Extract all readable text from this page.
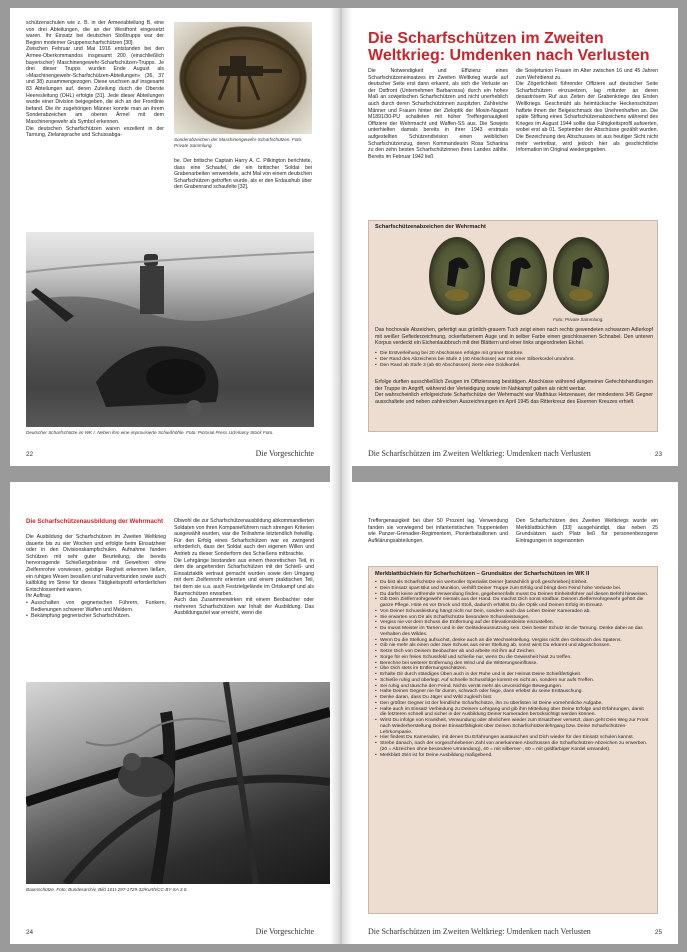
schützenschulen wie z. B. in der Armeeabteilung B, eine von drei Abteilungen, die an der Westfront eingesetzt waren. Ihr Einsatz bei deutschen Stoßtrupps war der Beginn moderner Gruppenscharfschützen [30].
Zwischen Februar und Mai 1916 entstanden bei den Armee-Oberkommandos insgesamt 200 (einschließlich bayerischer) Maschinengewehr-Scharfschützen-Trupps. Je drei dieser Trupps wurden Ende August als »Maschinengewehr-Scharfschützen-Abteilungen« (36, 37 und 38) zusammengezogen. Diese wuchsen auf insgesamt 83 Abteilungen auf, deren Zuteilung durch die Oberste Heeresleitung (OHL) erfolgte [31]. Jede dieser Abteilungen wurde einer Division beigegeben, die sich an der Frontlinie befand. Die ihr zugehörigen Männer konnte man an ihrem Sonderabzeichen am oberen Ärmel mit dem Maschinengewehr als Symbol erkennen.
Die deutschen Scharfschützen waren exzellent in der Tarnung, Zielansprache und Schussabga-

Sonderabzeichen der Maschinengewehr-Scharfschützen. Foto: Private Sammlung.

be. Der britische Captain Harry A. C. Pilkington berichtete, dass eine Schaufel, die ein britischer Soldat bei Grabenarbeiten verwendete, acht Mal von einem deutschen Scharfschützen getroffen wurde, als er den Erdaushub über den Grabenrand schaufelte [32].

Deutscher Scharfschütze im WK I. Neben ihm eine improvisierte Schießhöhle. Foto: Pictorial Press Ltd/Alamy Stock Foto.
22	Die Vorgeschichte
Die Scharfschützen im Zweiten Weltkrieg: Umdenken nach Verlusten

Die Notwendigkeit und Effizienz eines Scharfschützeneinsatzes im Zweiten Weltkrieg wurde auf deutscher Seite erst dann erkannt, als sich die Verluste an der Ostfront (Unternehmen Barbarossa) durch ein hohes Maß an sowjetischen Scharfschützen und nicht unerheblich auch durch deren Scharfschützinnen zuspitzten. Zahlreiche Männer und Frauen hinter der Zieloptik der Mosin-Nagant M1891/30-PU schalteten mit hoher Treffergenauigkeit Offiziere der Wehrmacht und Waffen-SS aus. Die Sowjets unterhielten damals bereits in ihrer 1943 erstmals aufgestellten Schützendivision einen weiblichen Scharfschützenzug, deren Kommandeurin Rosa Schanina zu den zehn besten Scharfschützinnen ihres Landes zählte. Bereits im Februar 1942 ließ

die Sowjetunion Frauen im Alter zwischen 16 und 45 Jahren zum Wehrdienst zu.
Die Zögerlichkeit führender Offiziere auf deutscher Seite Scharfschützen einzusetzen, lag mitunter an deren desaströsem Ruf aus Zeiten der Grabenkriege des Ersten Weltkriegs. Geschmäht als heimtückische Heckenschützen haftete ihnen der Beigeschmack des Unehrenhaften an. Die späte Stiftung eines Scharfschützenabzeichens während des Krieges im August 1944 sollte das Fähigkeitsprofil aufwerten, wobei erst ab 01. September der Abschüsse gezählt wurden. Die Bezeichnung des Abschusses ist aus heutiger Sicht nicht mehr vertretbar, wird jedoch hier als geschichtliche Information im Original wiedergegeben.

Scharfschützenabzeichen der Wehrmacht
Foto: Private Sammlung.
Das hochovale Abzeichen, gefertigt aus grünlich-grauem Tuch zeigt einen nach rechts gewendeten schwarzen Adlerkopf mit weißer Gefiederzeichnung, ockerfarbenem Auge und in selber Farbe einen geschlossenen Schnabel. Den unteren Korpus verdeckt ein Eichenlaubbruch mit drei Blättern und einer links angeordneten Eichel.
• Die Erstverleihung bei 20 Abschüssen erfolgte mit grüner Bordüre.
• Der Rand des Abzeichens bei Stufe 2 (40 Abschüsse) war mit einer Silberkordel umrahmt.
• Den Rand ab Stufe 3 (ab 60 Abschüssen) zierte eine Goldkordel.
Erfolge durften ausschließlich Zeugen im Offiziersrang bestätigen. Abschüsse während allgemeiner Gefechtshandlungen der Truppe im Angriff, während der Verteidigung sowie im Nahkampf galten als nicht werbar.
Der wahrscheinlich erfolgreichste Scharfschütze der Wehrmacht war Matthäus Hetzenauer, der mindestens 345 Gegner ausschaltete und neben zahlreichen Auszeichnungen im April 1945 das Ritterkreuz des Eisernen Kreuzes erhielt.
Die Scharfschützen im Zweiten Weltkrieg: Umdenken nach Verlusten	23
Die Scharfschützenausbildung der Wehrmacht

Die Ausbildung der Scharfschützen im Zweiten Weltkrieg dauerte bis zu vier Wochen und erfolgte beim Einsatzheer oder in den Divisionskampfschulen. Aufnahme fanden Schützen mit sehr guter Beurteilung, die bereits hervorragende Schießergebnisse mit Gewehren ohne Zielfernrohre vorwiesen, geistige Regheit erkennen ließen, ein ruhiges Wesen besaßen und naturverbunden sowie auch kaltblütig im Sinne für dieses Tätigkeitsprofil erforderlichen Entschlossenheit waren.
Ihr Auftrag:

• Ausschalten von gegnerischen Führern, Funkern, Bedienungen schwerer Waffen und Meldern.
• Bekämpfung gegnerischer Scharfschützen.

Obwohl die zur Scharfschützenausbildung abkommandierten Soldaten von ihren Kompanieführern nach strengen Kriterien ausgewählt wurden, war die Teilnahme letztendlich freiwillig. Für den Erfolg eines Scharfschützen war es zwingend erforderlich, dass der Soldat auch den eigenen Willen und Antrieb zu dieser Sonderform des Schießens mitbrachte.
Die Lehrgänge bestanden aus einem theoretischen Teil, in dem die angehenden Scharfschützen mit der Schieß- und Einsatztaktik vertraut gemacht wurden sowie den Umgang mit dem Zielfernrohr erlernten und einem praktischen Teil, bei dem sie u.a. auch Festzielgelände im Ortskampf und als Baumschützen erwarben.
Auch das Zusammenwirken mit einem Beobachter oder mehreren Scharfschützen war Inhalt der Ausbildung. Das Ausbildungsziel war erreicht, wenn die

Baumschütze. Foto: Bundesarchiv, Bild 101I-297-1729-32/Kurth/CC-BY-SA 3.0.
24	Die Vorgeschichte

Treffergenauigkeit bei über 50 Prozent lag. Verwendung fanden sie vorwiegend bei infanteristischen Truppenteilen wie Panzer-Grenadier-Regimentern, Pionierbataillonen und Aufklärungsabteilungen.

Den Scharfschützen des Zweiten Weltkriegs wurde ein Merkblattbüchlein [33] ausgehändigt, das neben 25 Grundsätzen auch Platz ließ für personenbezogene Eintragungen in sogenannten

Merkblattbüchlein für Scharfschützen – Grundsätze der Scharfschützen im WK II
• Du bist als Scharfschütze ein wertvoller Spezialist Deiner [tatsächlich groß geschrieben] Einheit.
• Dein Einsatz spart Blut und Munition, verhilft Deiner Truppe zum Erfolg und bringt dem Feind hohe Verluste bei.
• Du darfst keine artfremde Verwendung finden, gegebenenfalls musst Du Deinen Einheitsführer auf diesen Befehl hinweisen.
• Gib Dein Zielfernrohrgewehr niemals aus der Hand. Du machst Dich sonst strafbar. Deinem Zielfernrohrgewehr gehört die ganze Pflege. Hüte es vor Druck und Stoß, dadurch erhältst Du die Optik und Deinen Erfolg im Einsatz.
• Von Deiner Schussleistung hängt nicht nur Dein, sondern auch das Leben Deiner Kameraden ab.
• Sie erwarten von Dir als Scharfschütze besondere Schussleistungen.
• Vergiss nie vor dem Schuss die Entfernung auf der Elevationsleiste einzustellen.
• Du musst Meister im Tarnen und in der Geländeausnutzung sein. Dein bester Schutz ist die Tarnung. Denke dabei an das Verhalten des Wildes.
• Wenn Du die Stellung aufsuchst, denke auch an die Wechselstellung. Vergiss nicht den Gebrauch des Spatens.
• Gib nie mehr als einen oder zwei Schuss aus einer Stellung ab, sonst wirst Du erkannt und abgeschossen.
• Setze Dich von Deinem Beobachter ab und arbeite mit ihm auf Zeichen.
• Sorge für ein freies Schussfeld und schieße nur, wenn Du die Gewissheit hast zu treffen.
• Berechne bei weiterer Entfernung den Wind und die Witterungseinflüsse.
• Übe Dich stets im Entfernungsschätzen.
• Erhalte Dir durch ständiges Üben auch in der Ruhe und in der Heimat Deine Schießfertigkeit.
• Schieße ruhig und überlegt. Auf schnelle Schussfolge kommt es nicht an, sondern nur aufs Treffen.
• Sei ruhig und täusche den Feind. Nichts verrät mehr als unvorsichtige Bewegungen.
• Halte Deinen Gegner nie für dumm, schwach oder feige, dann erlebst du seine Enttäuschung.
• Denke daran, dass Du Jäger und Wild zugleich bist.
• Den größter Gegner ist der feindliche Scharfschütze, ihn zu überlisten ist Deine vornehmliche Aufgabe.
• Halte auch im Einsatz Verbindung zu Deinem Lehrgang und gib ihm Mitteilung über Deine Erfolge und Erfahrungen, damit die letzteren schnell und sicher in der Ausbildung Deiner Kameraden berücksichtigt werden können.
• Wirst Du infolge von Krankheit, Verwundung oder ähnlichem wieder zum Ersatzheer versetzt, dann geht Dein Weg zur Front nach Wiederherstellung Deiner Einsatzfähigkeit über Deinen Scharfschützenlehrgang bzw. Deine Scharfschützen-Lehrkompanie.
• Hier findest Du Kameraden, mit denen Du Erfahrungen austauschen und Dich wieder für den Einsatz schulen kannst.
• Strebe danach, nach der vorgeschriebenen Zahl von anerkannten Abschüssen die Scharfschützen-Abzeichen zu erwerben. (20 = Abzeichen ohne besondere Umrandung), 40 = mit silberner-, 60 = mit goldfarbiger Kordel umrandet).
• Merkblatt 25/4 ist für Deine Ausbildung maßgebend.
Die Scharfschützen im Zweiten Weltkrieg: Umdenken nach Verlusten	25
